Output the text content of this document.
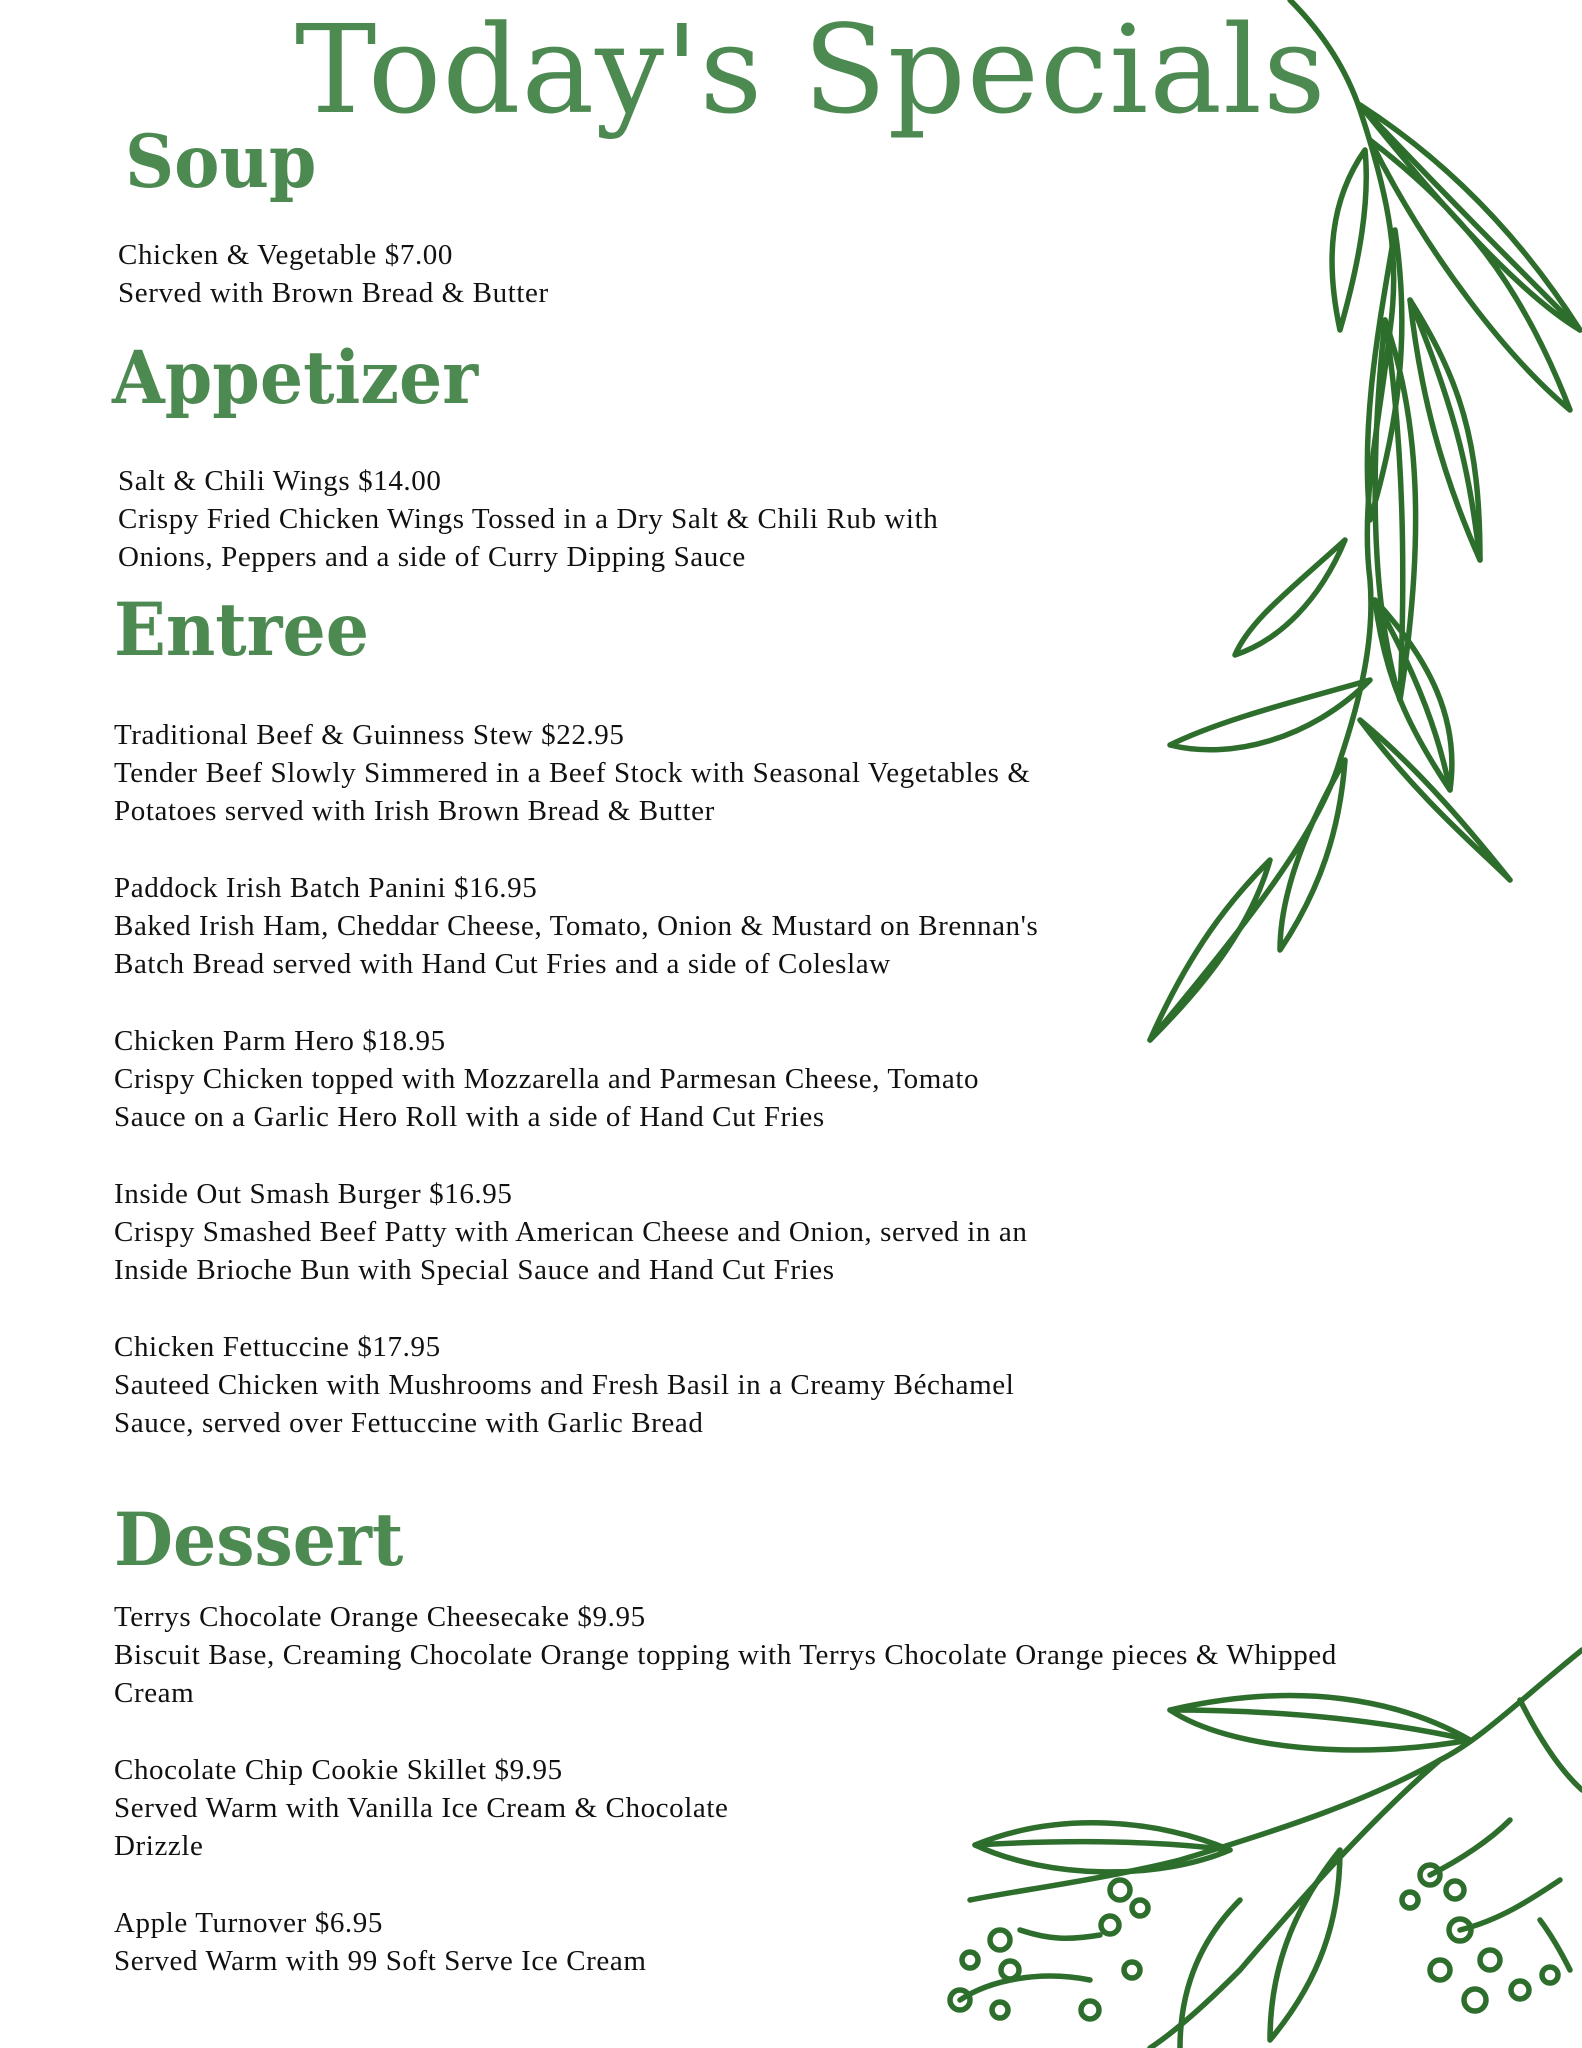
Today's Specials
Soup
Chicken & Vegetable $7.00
Served with Brown Bread & Butter
Appetizer
Salt & Chili Wings $14.00
Crispy Fried Chicken Wings Tossed in a Dry Salt & Chili Rub with
Onions, Peppers and a side of Curry Dipping Sauce
Entree
Traditional Beef & Guinness Stew $22.95
Tender Beef Slowly Simmered in a Beef Stock with Seasonal Vegetables &
Potatoes served with Irish Brown Bread & Butter
Paddock Irish Batch Panini $16.95
Baked Irish Ham, Cheddar Cheese, Tomato, Onion & Mustard on Brennan's
Batch Bread served with Hand Cut Fries and a side of Coleslaw
Chicken Parm Hero $18.95
Crispy Chicken topped with Mozzarella and Parmesan Cheese, Tomato
Sauce on a Garlic Hero Roll with a side of Hand Cut Fries
Inside Out Smash Burger $16.95
Crispy Smashed Beef Patty with American Cheese and Onion, served in an
Inside Brioche Bun with Special Sauce and Hand Cut Fries
Chicken Fettuccine $17.95
Sauteed Chicken with Mushrooms and Fresh Basil in a Creamy Béchamel
Sauce, served over Fettuccine with Garlic Bread
Dessert
Terrys Chocolate Orange Cheesecake $9.95
Biscuit Base, Creaming Chocolate Orange topping with Terrys Chocolate Orange pieces & Whipped
Cream
Chocolate Chip Cookie Skillet $9.95
Served Warm with Vanilla Ice Cream & Chocolate
Drizzle
Apple Turnover $6.95
Served Warm with 99 Soft Serve Ice Cream
